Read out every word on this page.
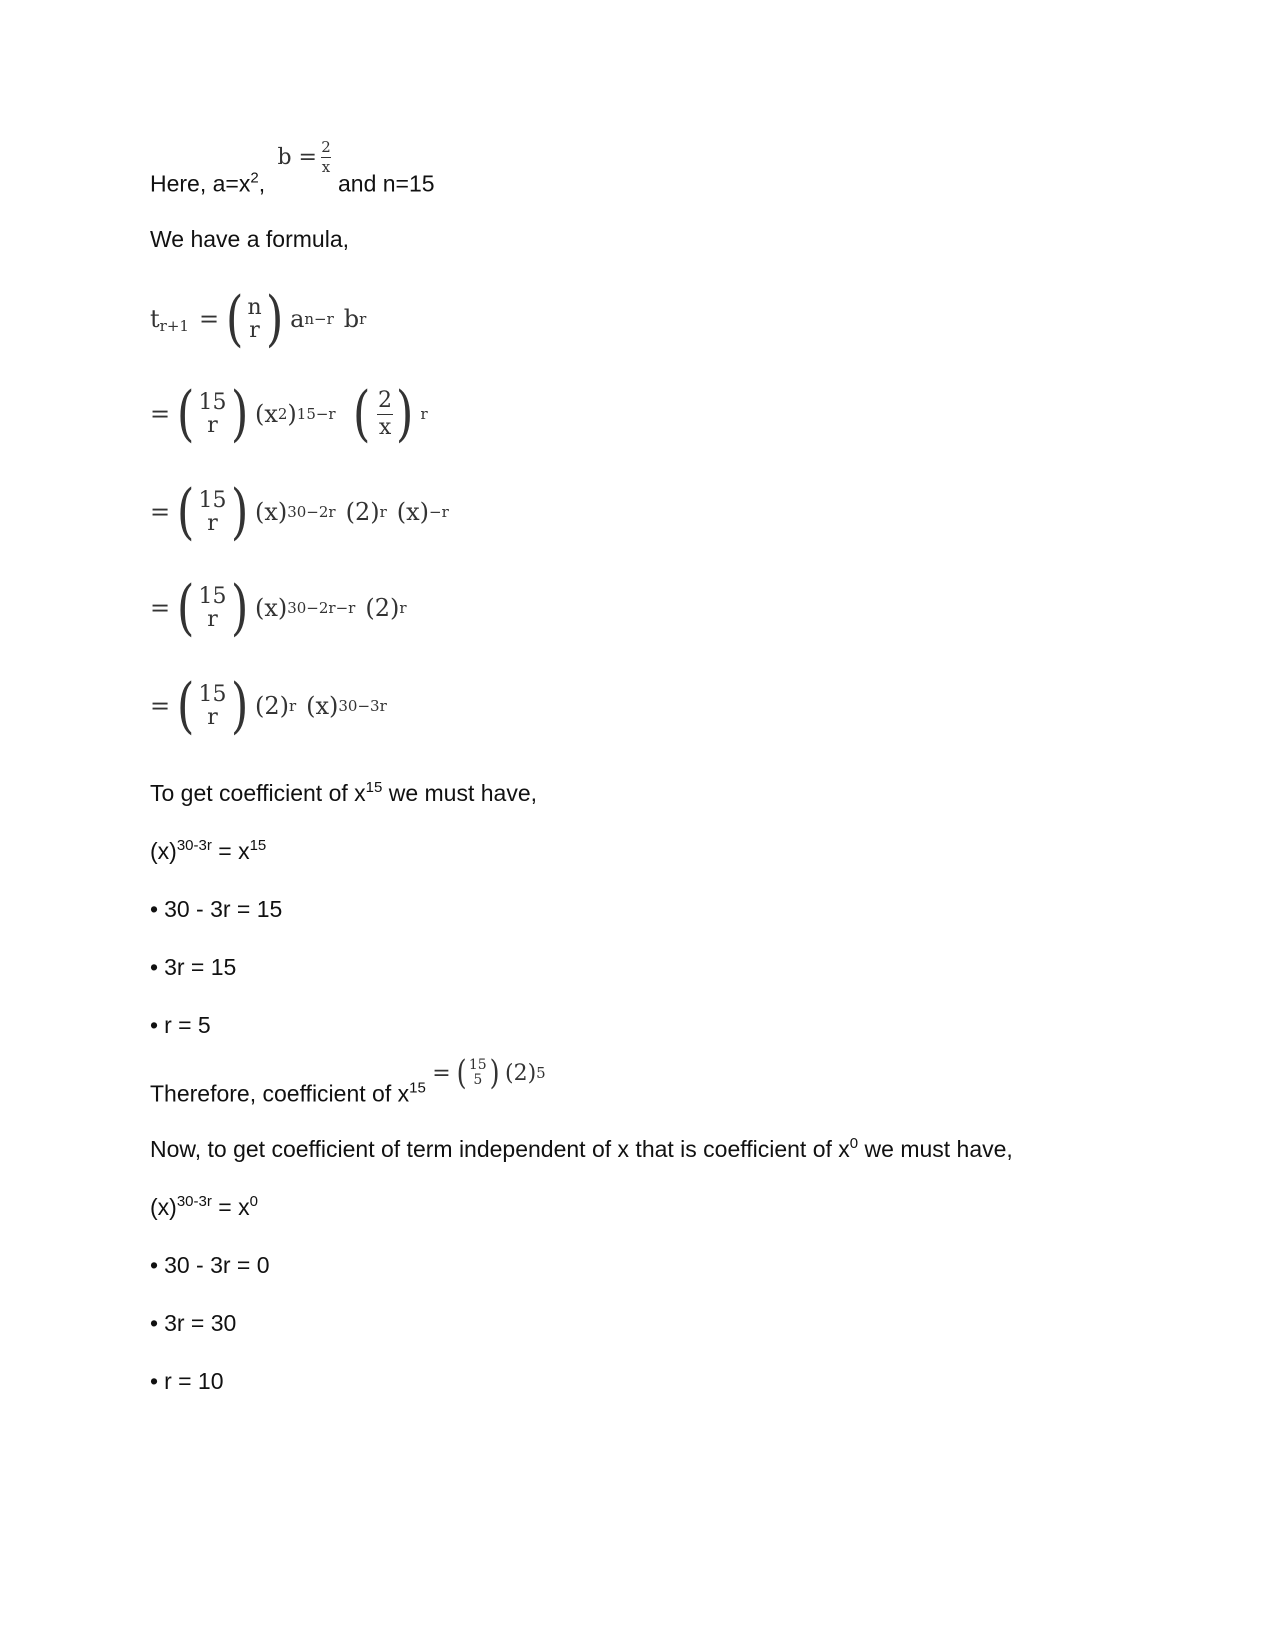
Here, $a=x^2$, $b = \frac{2}{x}$
and n=15
We have a formula,
$t_{r+1}$ = ( n
r ) a n−r b r
= ( 15
r ) (x 2 ) 15−r ( $\frac{2}{x}$ ) r
= ( 15
r ) (x) 30−2r (2) r (x) −r
= ( 15
r ) (x) 30−2r−r (2) r
= ( 15
r ) (2) r (x) 30−3r
To get coefficient of $x^{15}$ we must have,
$(x)^{30-3r} = x^{15}$
• 30 - 3r = 15
• 3r = 15
• r = 5
Therefore, coefficient of $x^{15}$
= ( 15
5 ) (2) 5
Now, to get coefficient of term independent of x that is coefficient of $x^0$ we must have,
$(x)^{30-3r} = x^0$
• 30 - 3r = 0
• 3r = 30
• r = 10
